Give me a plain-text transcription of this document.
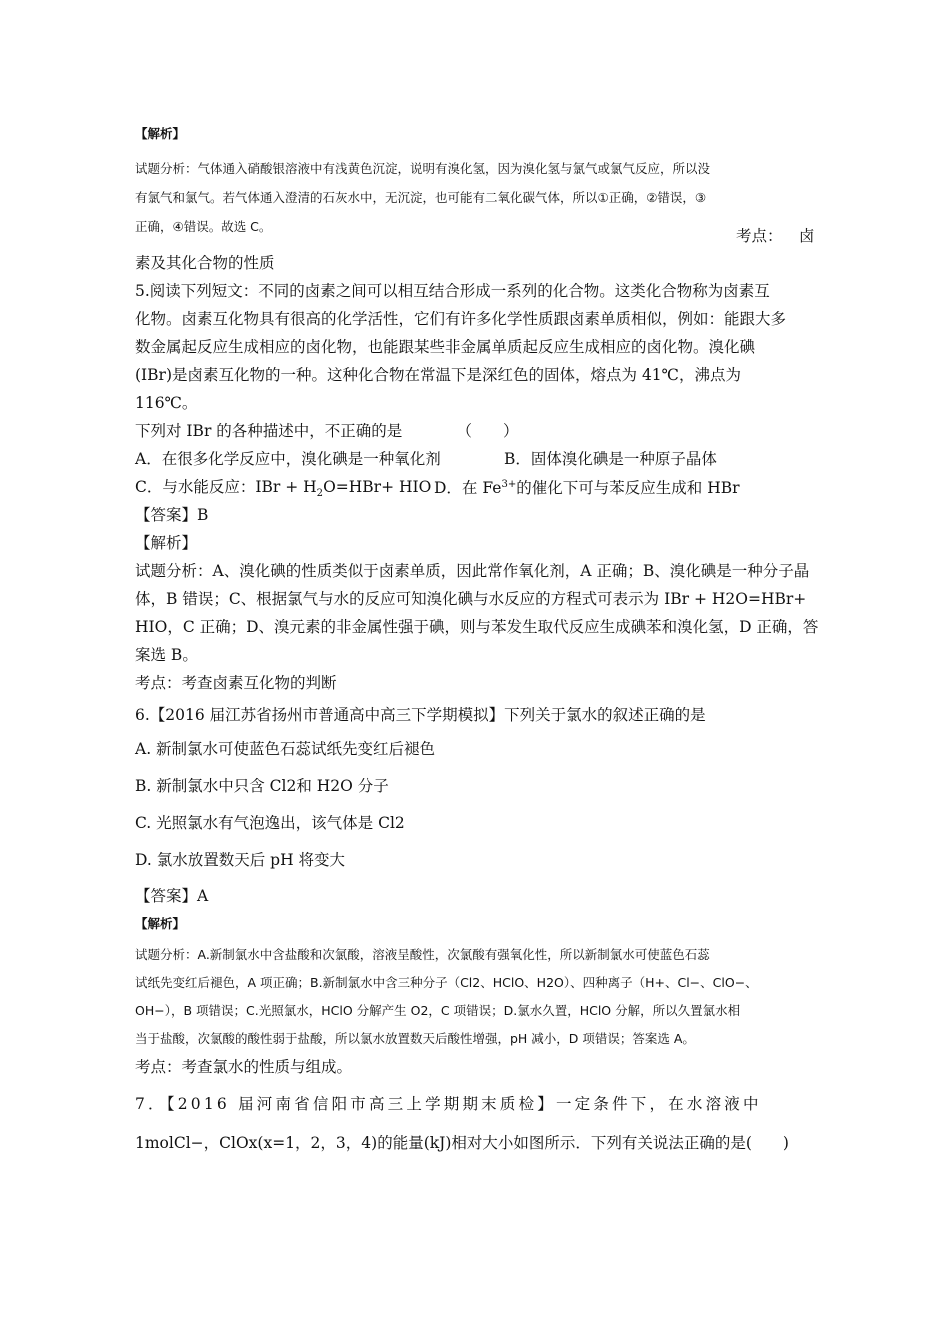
【解析】
试题分析：气体通入硝酸银溶液中有浅黄色沉淀，说明有溴化氢，因为溴化氢与氯气或氯气反应，所以没
有氯气和氯气。若气体通入澄清的石灰水中，无沉淀，也可能有二氧化碳气体，所以①正确，②错误，③
正确，④错误。故选 C。
考点： 卤
素及其化合物的性质
5.阅读下列短文：不同的卤素之间可以相互结合形成一系列的化合物。这类化合物称为卤素互
化物。卤素互化物具有很高的化学活性，它们有许多化学性质跟卤素单质相似，例如：能跟大多
数金属起反应生成相应的卤化物，也能跟某些非金属单质起反应生成相应的卤化物。溴化碘
(IBr)是卤素互化物的一种。这种化合物在常温下是深红色的固体，熔点为 41℃，沸点为
116℃。
下列对 IBr 的各种描述中，不正确的是　　　　（　　）
A．在很多化学反应中，溴化碘是一种氧化剂	B．固体溴化碘是一种原子晶体
C．与水能反应：IBr + $H_2O=HBr+$ HIO D．在 $Fe^{3+}$的催化下可与苯反应生成和 HBr
【答案】B
【解析】
试题分析：A、溴化碘的性质类似于卤素单质，因此常作氧化剂，A 正确；B、溴化碘是一种分子晶
体，B 错误；C、根据氯气与水的反应可知溴化碘与水反应的方程式可表示为 IBr + H2O=HBr+
HIO，C 正确；D、溴元素的非金属性强于碘，则与苯发生取代反应生成碘苯和溴化氢，D 正确，答
案选 B。
考点：考查卤素互化物的判断
6.【2016 届江苏省扬州市普通高中高三下学期模拟】下列关于氯水的叙述正确的是
A. 新制氯水可使蓝色石蕊试纸先变红后褪色
B. 新制氯水中只含 Cl2和 H2O 分子
C. 光照氯水有气泡逸出，该气体是 Cl2
D. 氯水放置数天后 pH 将变大
【答案】A
【解析】
试题分析：A.新制氯水中含盐酸和次氯酸，溶液呈酸性，次氯酸有强氧化性，所以新制氯水可使蓝色石蕊
试纸先变红后褪色，A 项正确；B.新制氯水中含三种分子（Cl2、HClO、H2O）、四种离子（H+、Cl−、ClO−、
OH−），B 项错误；C.光照氯水，HClO 分解产生 O2，C 项错误；D.氯水久置，HClO 分解，所以久置氯水相
当于盐酸，次氯酸的酸性弱于盐酸，所以氯水放置数天后酸性增强，pH 减小，D 项错误；答案选 A。
考点：考查氯水的性质与组成。
7．【2016 届河南省信阳市高三上学期期末质检】一定条件下，在水溶液中
1molCl−，ClOx(x=1，2，3，4)的能量(kJ)相对大小如图所示．下列有关说法正确的是(　　)
